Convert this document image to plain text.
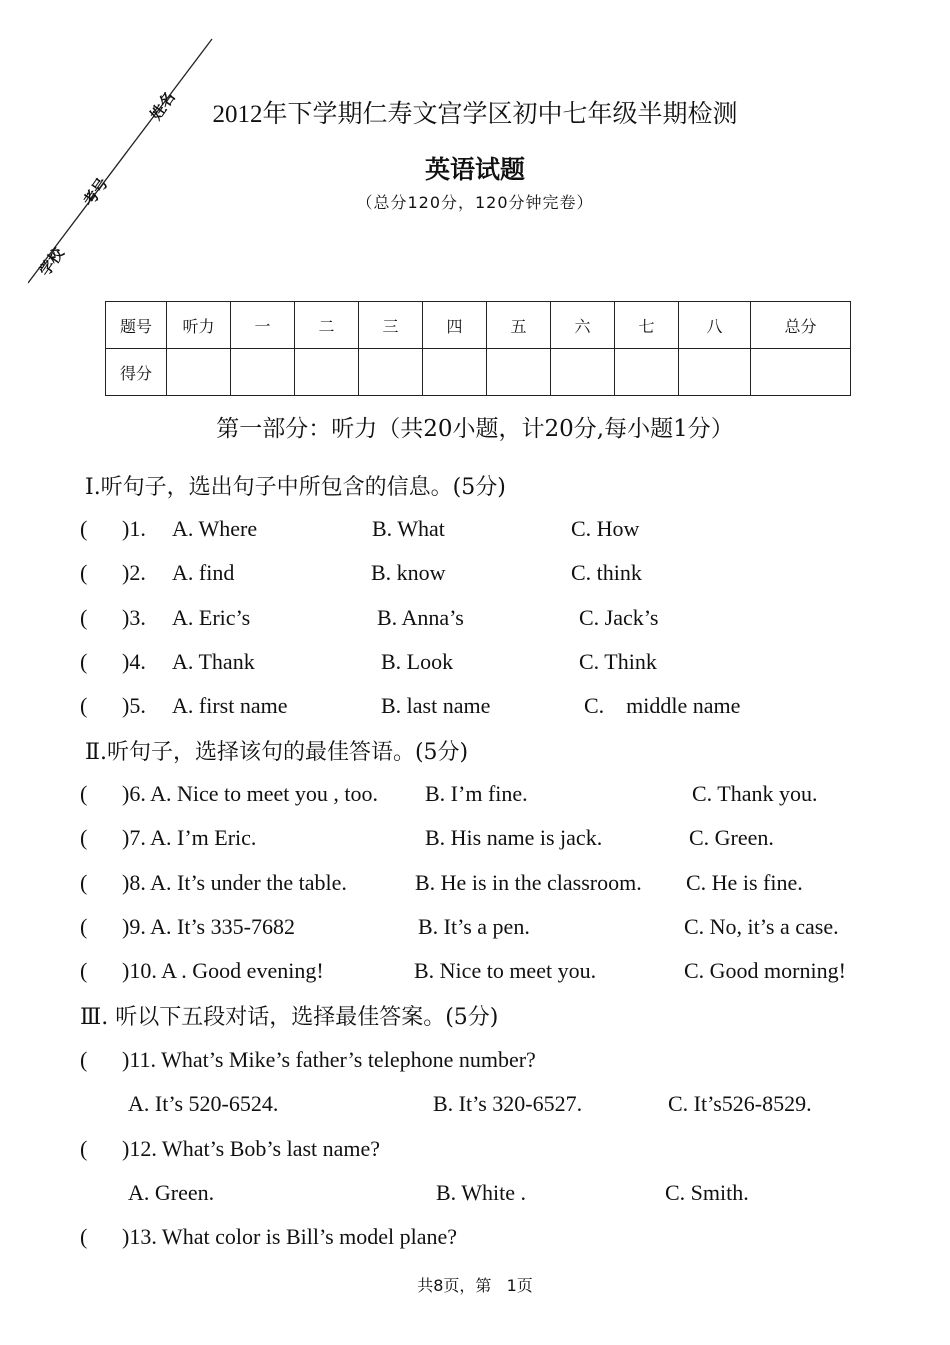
2012年下学期仁寿文宫学区初中七年级半期检测
英语试题
（总分120分，120分钟完卷）
学校
考号
姓名
题号	听力	一	二	三	四	五	六	七	八	总分
得分										
第一部分：听力（共20小题，计20分,每小题1分）
Ⅰ.听句子，选出句子中所包含的信息。(5分)
( )1. A. Where	B. What	C. How
( )2. A. find	B. know	C. think
( )3. A. Eric’s	B. Anna’s	C. Jack’s
( )4. A. Thank	B. Look	C. Think
( )5. A. first name	B. last name	C.    middle name
Ⅱ.听句子，选择该句的最佳答语。(5分)
( )6. A. Nice to meet you , too. B. I’m fine.	C. Thank you.
( )7. A. I’m Eric.	B. His name is jack.	C. Green.
( )8. A. It’s under the table.	B. He is in the classroom. C. He is fine.
( )9. A. It’s 335-7682	B. It’s a pen.	C. No, it’s a case.
( )10. A . Good evening!	B. Nice to meet you.	C. Good morning!
Ⅲ. 听以下五段对话，选择最佳答案。(5分)
( )11. What’s Mike’s father’s telephone number?
A. It’s 520-6524.	B. It’s 320-6527.	C. It’s526-8529.
( )12. What’s Bob’s last name?
A. Green.	B. White .	C. Smith.
( )13. What color is Bill’s model plane?
共8页，第   1页
